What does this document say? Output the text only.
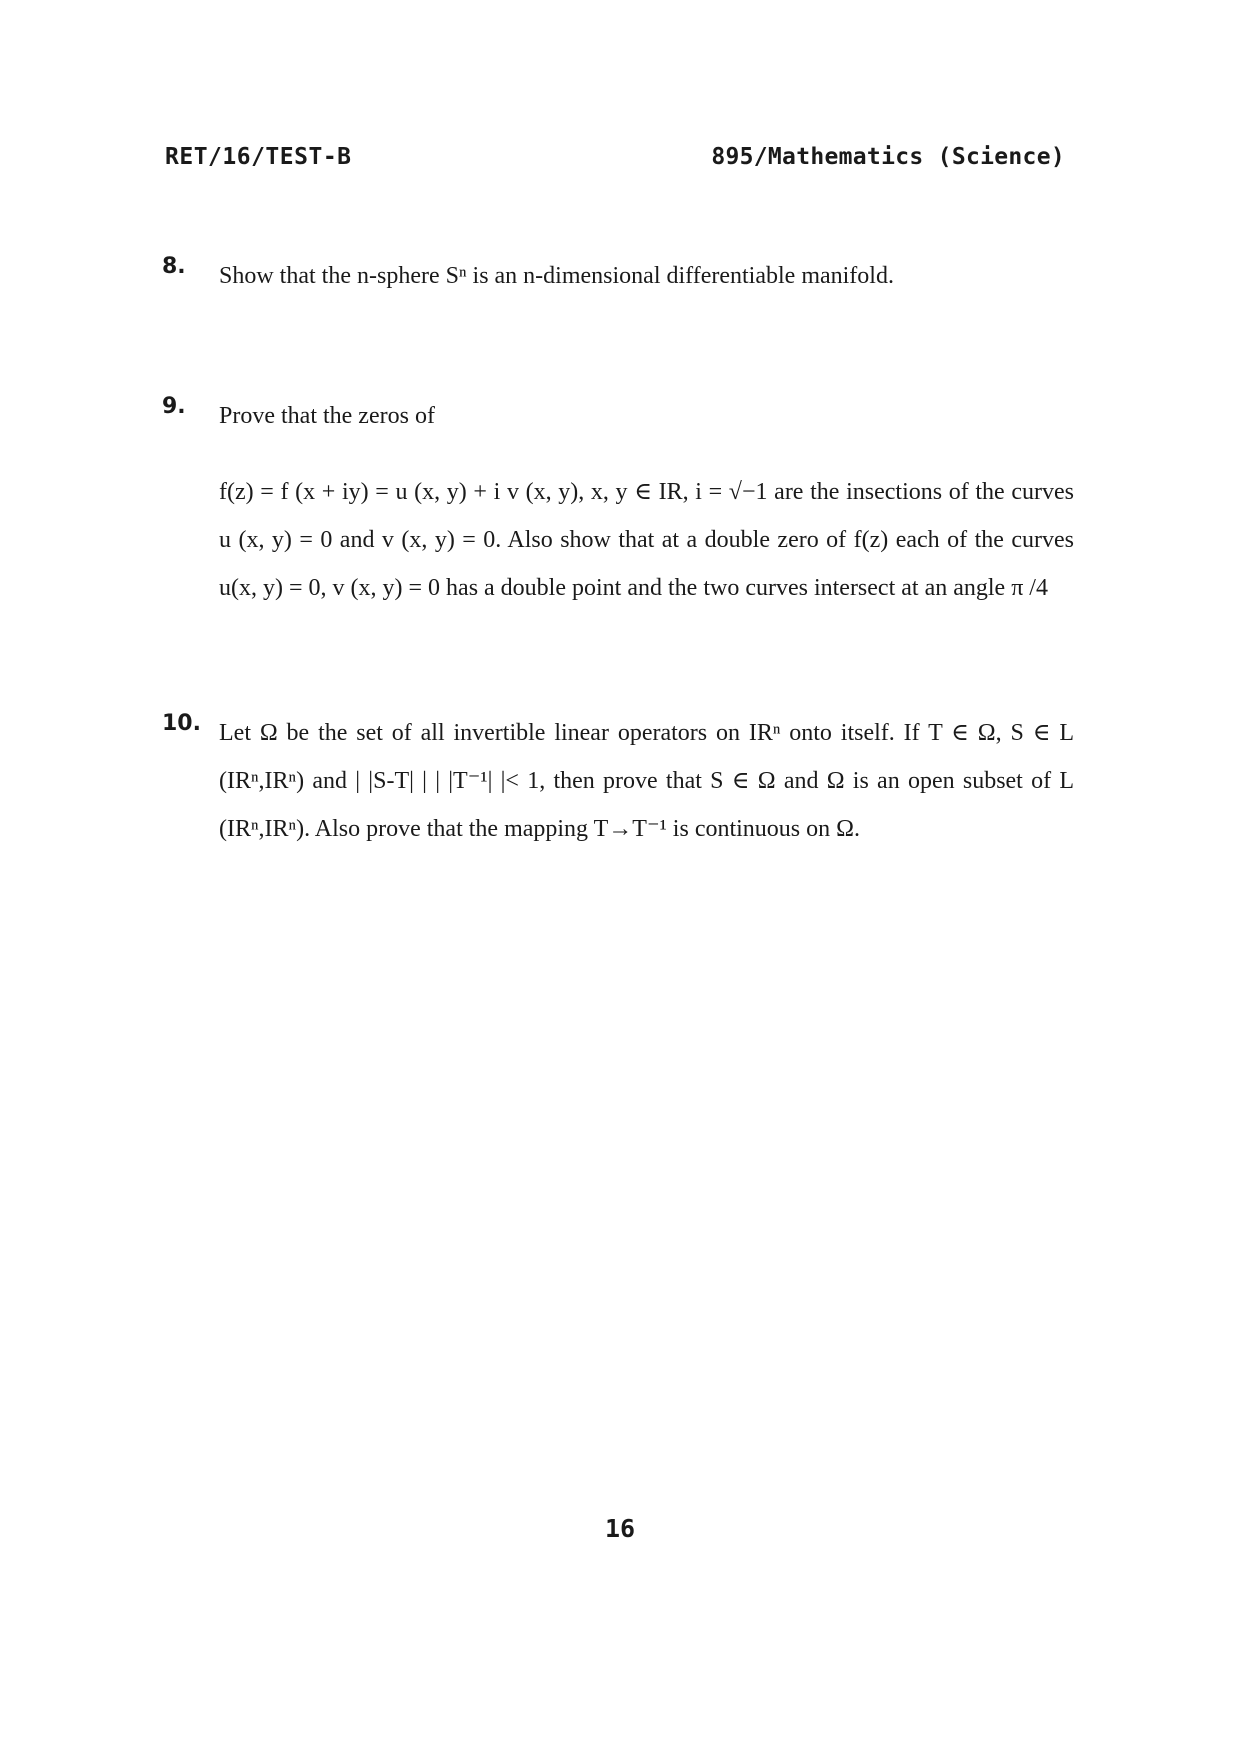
RET/16/TEST-B	895/Mathematics (Science)
8. Show that the n-sphere Sⁿ is an n-dimensional differentiable manifold.

9. Prove that the zeros of

f(z) = f (x + iy) = u (x, y) + i v (x, y), x, y ∈ IR, i = √−1 are the insections of the curves u (x, y) = 0 and v (x, y) = 0. Also show that at a double zero of f(z) each of the curves u(x, y) = 0, v (x, y) = 0 has a double point and the two curves intersect at an angle π /4

10. Let Ω be the set of all invertible linear operators on IRⁿ onto itself. If T ∈ Ω, S ∈ L (IRⁿ,IRⁿ) and | |S-T| | | |T⁻¹| |< 1, then prove that S ∈ Ω and Ω is an open subset of L (IRⁿ,IRⁿ). Also prove that the mapping T→T⁻¹ is continuous on Ω.

16
